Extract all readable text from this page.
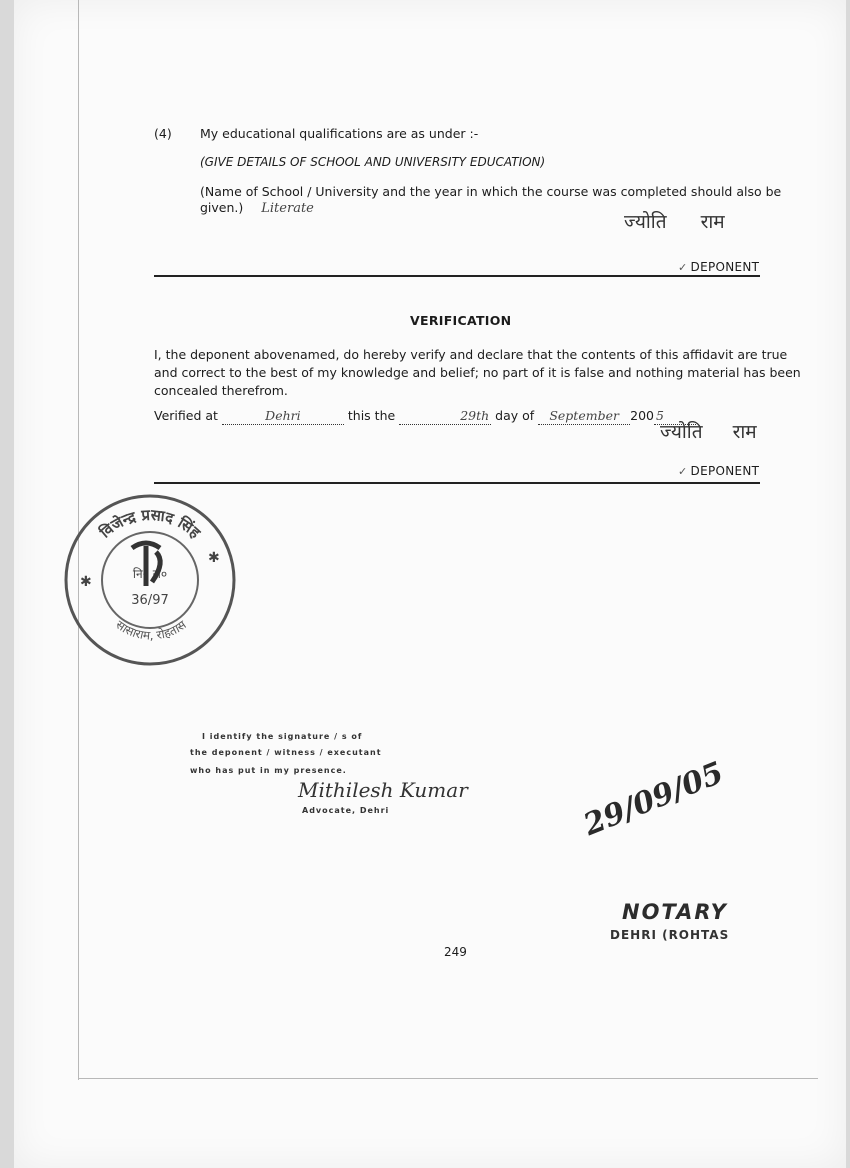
(4) My educational qualifications are as under :-
(GIVE DETAILS OF SCHOOL AND UNIVERSITY EDUCATION)
(Name of School / University and the year in which the course was completed should also be
given.) Literate
ज्योति राम
✓ DEPONENT
VERIFICATION
I, the deponent abovenamed, do hereby verify and declare that the contents of this affidavit are true
and correct to the best of my knowledge and belief; no part of it is false and nothing material has been
concealed therefrom.
Verified at	Dehri	this the	29th day of September 200 5
ज्योति राम
✓ DEPONENT
विजेन्द्र प्रसाद सिंह
सासाराम, रोहतास
नि० सं०
36/97
✱
✱
I identify the signature / s of
the deponent / witness / executant
who has put in my presence.
Mithilesh Kumar
Advocate, Dehri	29/09/05
NOTARY
DEHRI (ROHTAS
249
